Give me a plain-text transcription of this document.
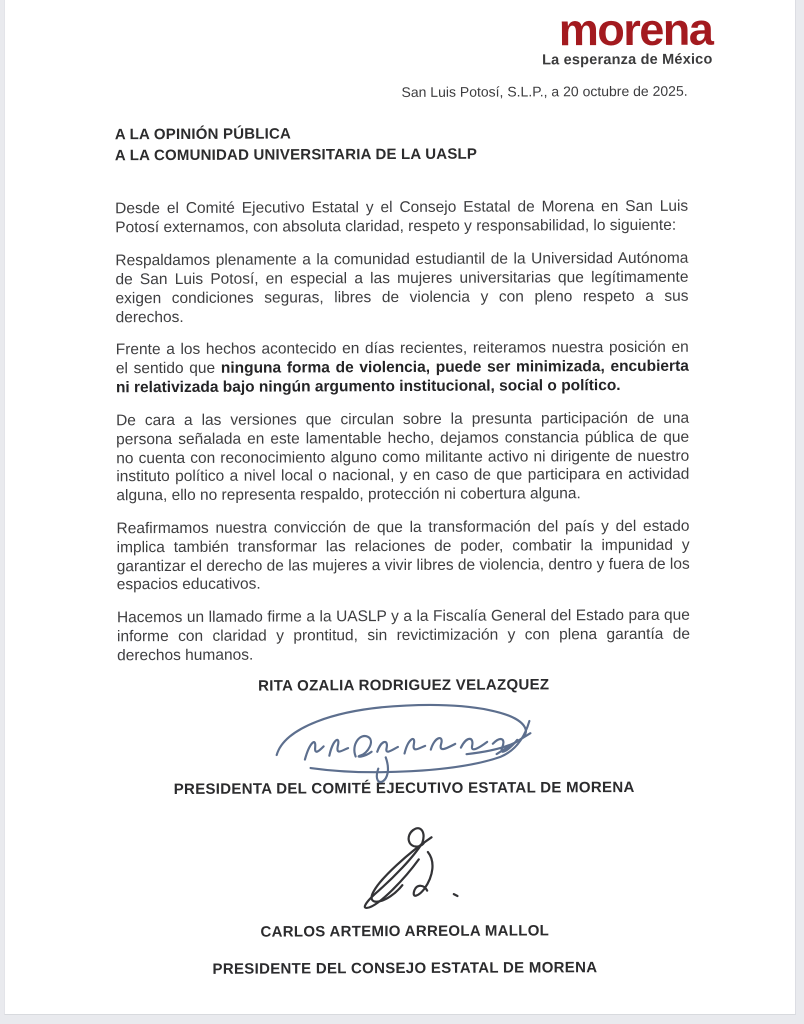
morena
La esperanza de México
San Luis Potosí, S.L.P., a 20 octubre de 2025.
A LA OPINIÓN PÚBLICA
A LA COMUNIDAD UNIVERSITARIA DE LA UASLP

Desde el Comité Ejecutivo Estatal y el Consejo Estatal de Morena en San Luis Potosí externamos, con absoluta claridad, respeto y responsabilidad, lo siguiente:

Respaldamos plenamente a la comunidad estudiantil de la Universidad Autónoma de San Luis Potosí, en especial a las mujeres universitarias que legítimamente exigen condiciones seguras, libres de violencia y con pleno respeto a sus derechos.

Frente a los hechos acontecido en días recientes, reiteramos nuestra posición en el sentido que ninguna forma de violencia, puede ser minimizada, encubierta ni relativizada bajo ningún argumento institucional, social o político.

De cara a las versiones que circulan sobre la presunta participación de una persona señalada en este lamentable hecho, dejamos constancia pública de que no cuenta con reconocimiento alguno como militante activo ni dirigente de nuestro instituto político a nivel local o nacional, y en caso de que participara en actividad alguna, ello no representa respaldo, protección ni cobertura alguna.

Reafirmamos nuestra convicción de que la transformación del país y del estado implica también transformar las relaciones de poder, combatir la impunidad y garantizar el derecho de las mujeres a vivir libres de violencia, dentro y fuera de los espacios educativos.

Hacemos un llamado firme a la UASLP y a la Fiscalía General del Estado para que informe con claridad y prontitud, sin revictimización y con plena garantía de derechos humanos.

RITA OZALIA RODRIGUEZ VELAZQUEZ
PRESIDENTA DEL COMITÉ EJECUTIVO ESTATAL DE MORENA
CARLOS ARTEMIO ARREOLA MALLOL
PRESIDENTE DEL CONSEJO ESTATAL DE MORENA
